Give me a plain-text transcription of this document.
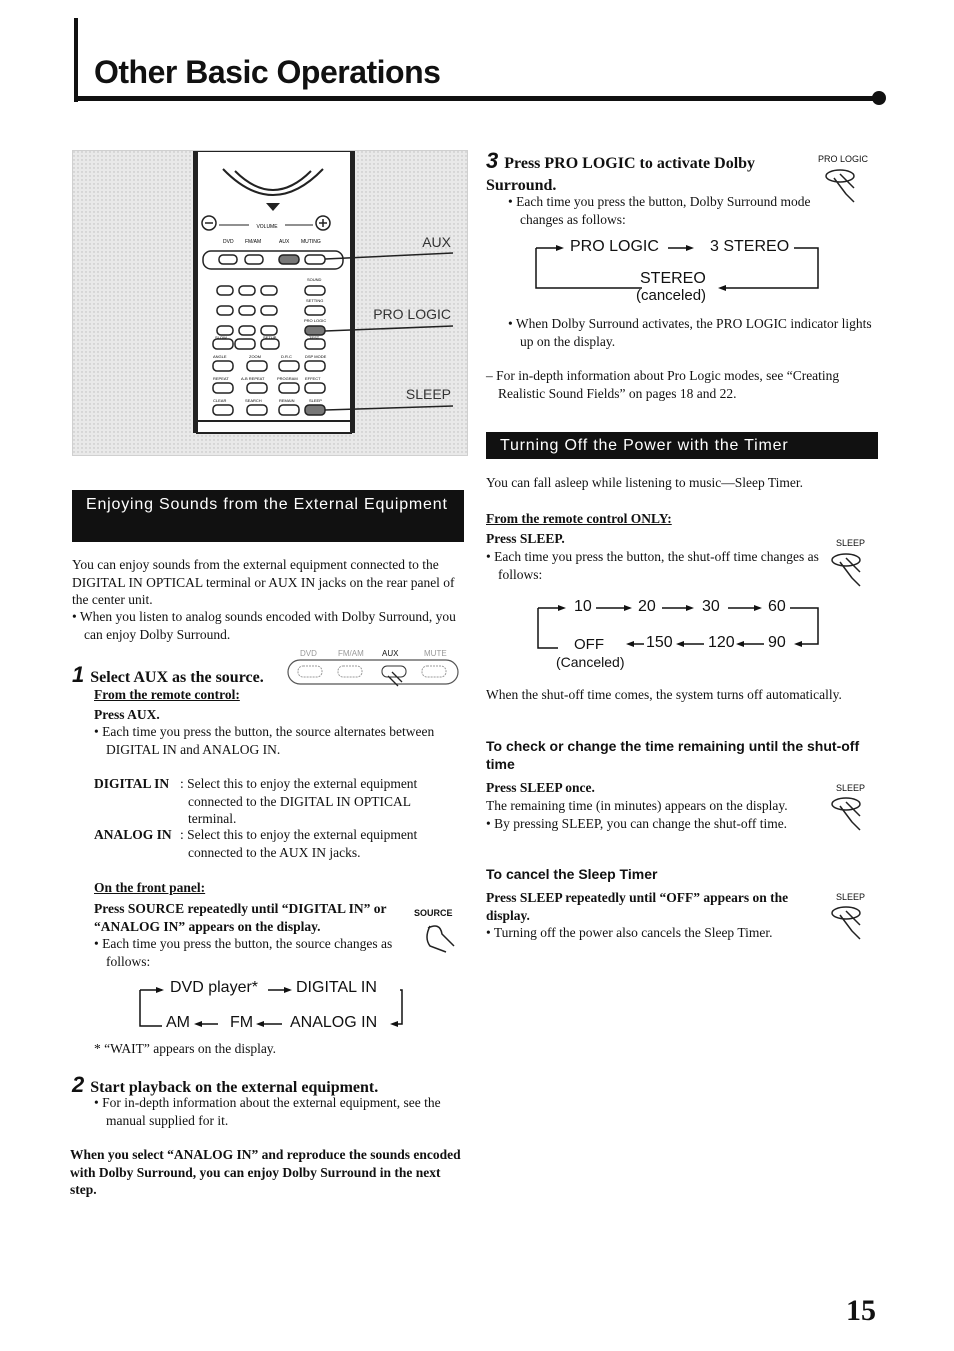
Other Basic Operations
VOLUME
DVD FM/AM	AUX MUTING
SOUND
SETTING
PRO LOGIC
SLOW	SETUP	TEST
ANGLE	ZOOM	D.R.C	DSP MODE
REPEAT	A-B REPEAT	PROGRAM EFFECT
CLEAR	SEARCH	REMAIN	SLEEP
AUX
PRO LOGIC
SLEEP
Enjoying Sounds from the External Equipment
You can enjoy sounds from the external equipment connected to the DIGITAL IN OPTICAL terminal or AUX IN jacks on the rear panel of the center unit.
• When you listen to analog sounds encoded with Dolby Surround, you can enjoy Dolby Surround.
1 Select AUX as the source.
DVD	FM/AM AUX	MUTE
From the remote control:
Press AUX.
• Each time you press the button, the source alternates between DIGITAL IN and ANALOG IN.
DIGITAL IN : Select this to enjoy the external equipment connected to the DIGITAL IN OPTICAL terminal.
ANALOG IN : Select this to enjoy the external equipment connected to the AUX IN jacks.
On the front panel:
Press SOURCE repeatedly until “DIGITAL IN” or “ANALOG IN” appears on the display.
SOURCE
• Each time you press the button, the source changes as follows:
DVD player* DIGITAL IN
AM	FM ANALOG IN
* “WAIT” appears on the display.
2 Start playback on the external equipment.
• For in-depth information about the external equipment, see the manual supplied for it.
When you select “ANALOG IN” and reproduce the sounds encoded with Dolby Surround, you can enjoy Dolby Surround in the next step.
3 Press PRO LOGIC to activate Dolby Surround.
PRO LOGIC
• Each time you press the button, Dolby Surround mode changes as follows:
PRO LOGIC	3 STEREO
STEREO
(canceled)
• When Dolby Surround activates, the PRO LOGIC indicator lights up on the display.
– For in-depth information about Pro Logic modes, see “Creating Realistic Sound Fields” on pages 18 and 22.
Turning Off the Power with the Timer
You can fall asleep while listening to music—Sleep Timer.
From the remote control ONLY:
Press SLEEP.	SLEEP
• Each time you press the button, the shut-off time changes as follows:
10	20	30	60
OFF	150 120 90
(Canceled)
When the shut-off time comes, the system turns off automatically.
To check or change the time remaining until the shut-off time
Press SLEEP once.	SLEEP
The remaining time (in minutes) appears on the display.
• By pressing SLEEP, you can change the shut-off time.
To cancel the Sleep Timer
Press SLEEP repeatedly until “OFF” appears on the display.
SLEEP
• Turning off the power also cancels the Sleep Timer.
15
